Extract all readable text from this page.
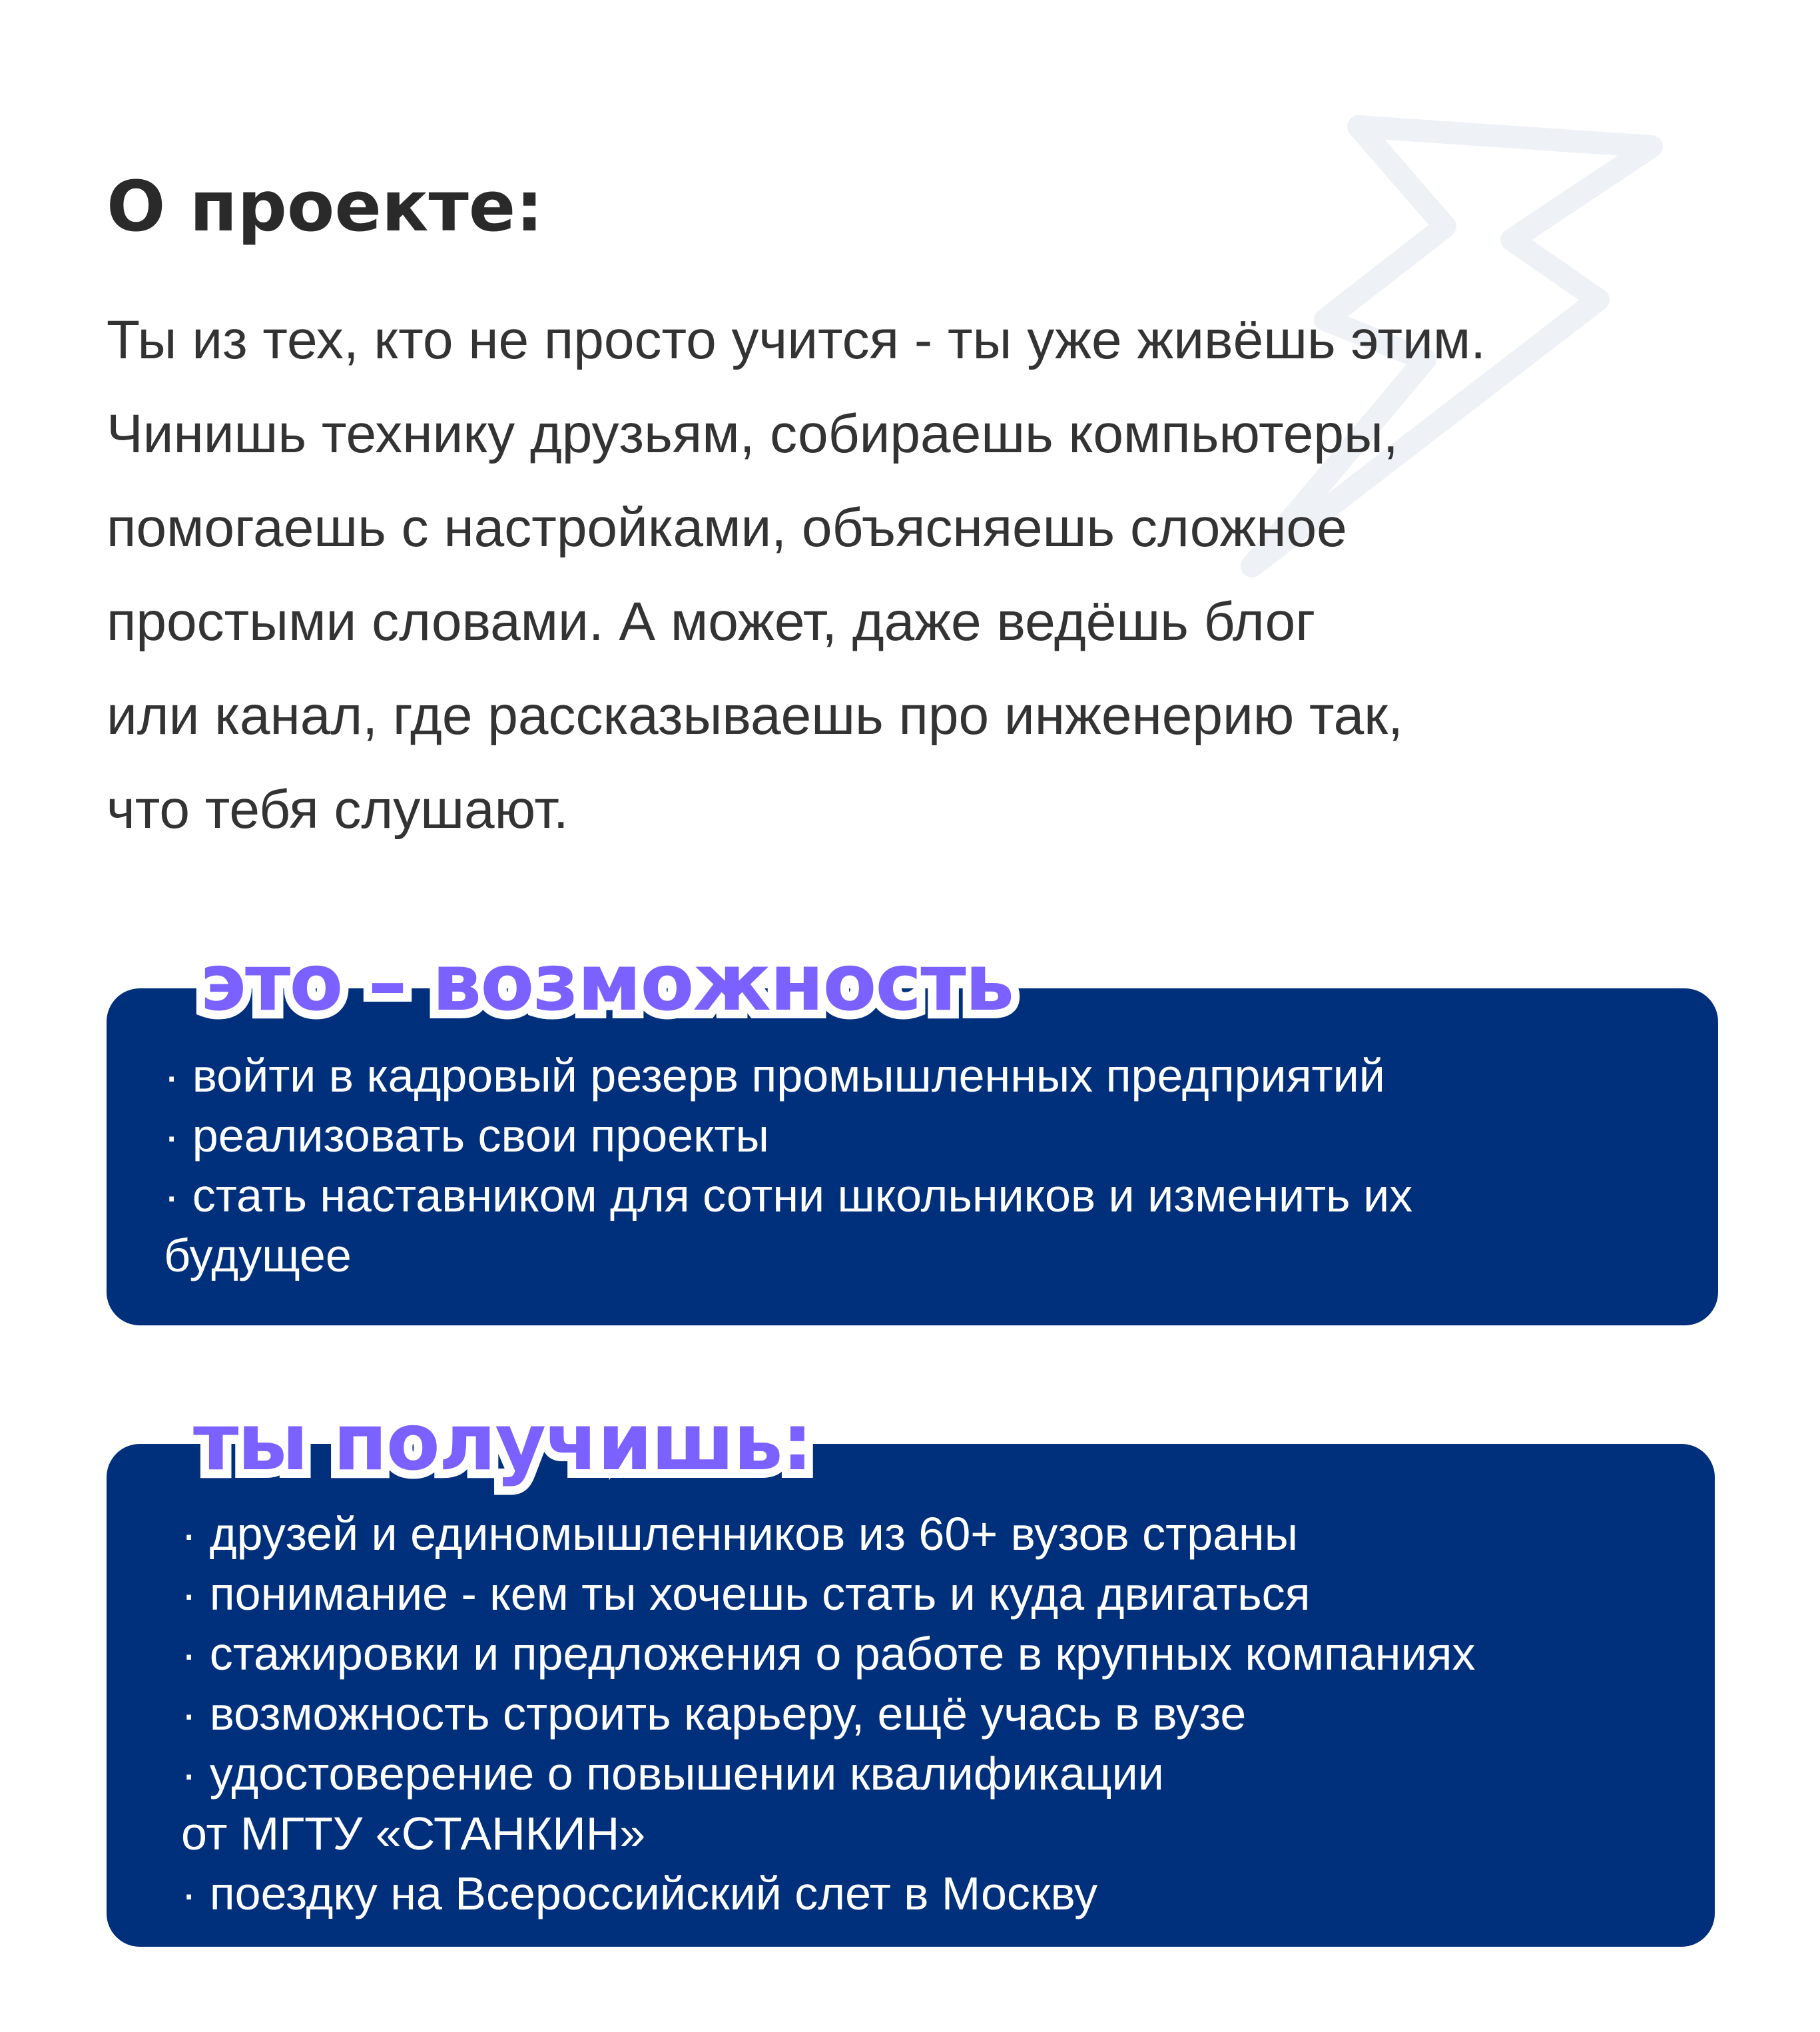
О проекте:
Ты из тех, кто не просто учится - ты уже живёшь этим.
Чинишь технику друзьям, собираешь компьютеры,
помогаешь с настройками, объясняешь сложное
простыми словами. А может, даже ведёшь блог
или канал, где рассказываешь про инженерию так,
что тебя слушают.
· войти в кадровый резерв промышленных предприятий
· реализовать свои проекты
· стать наставником для сотни школьников и изменить их
будущее
это – возможность
· друзей и единомышленников из 60+ вузов страны
· понимание - кем ты хочешь стать и куда двигаться
· стажировки и предложения о работе в крупных компаниях
· возможность строить карьеру, ещё учась в вузе
· удостоверение о повышении квалификации
от МГТУ «СТАНКИН»
· поездку на Всероссийский слет в Москву
ты получишь:
